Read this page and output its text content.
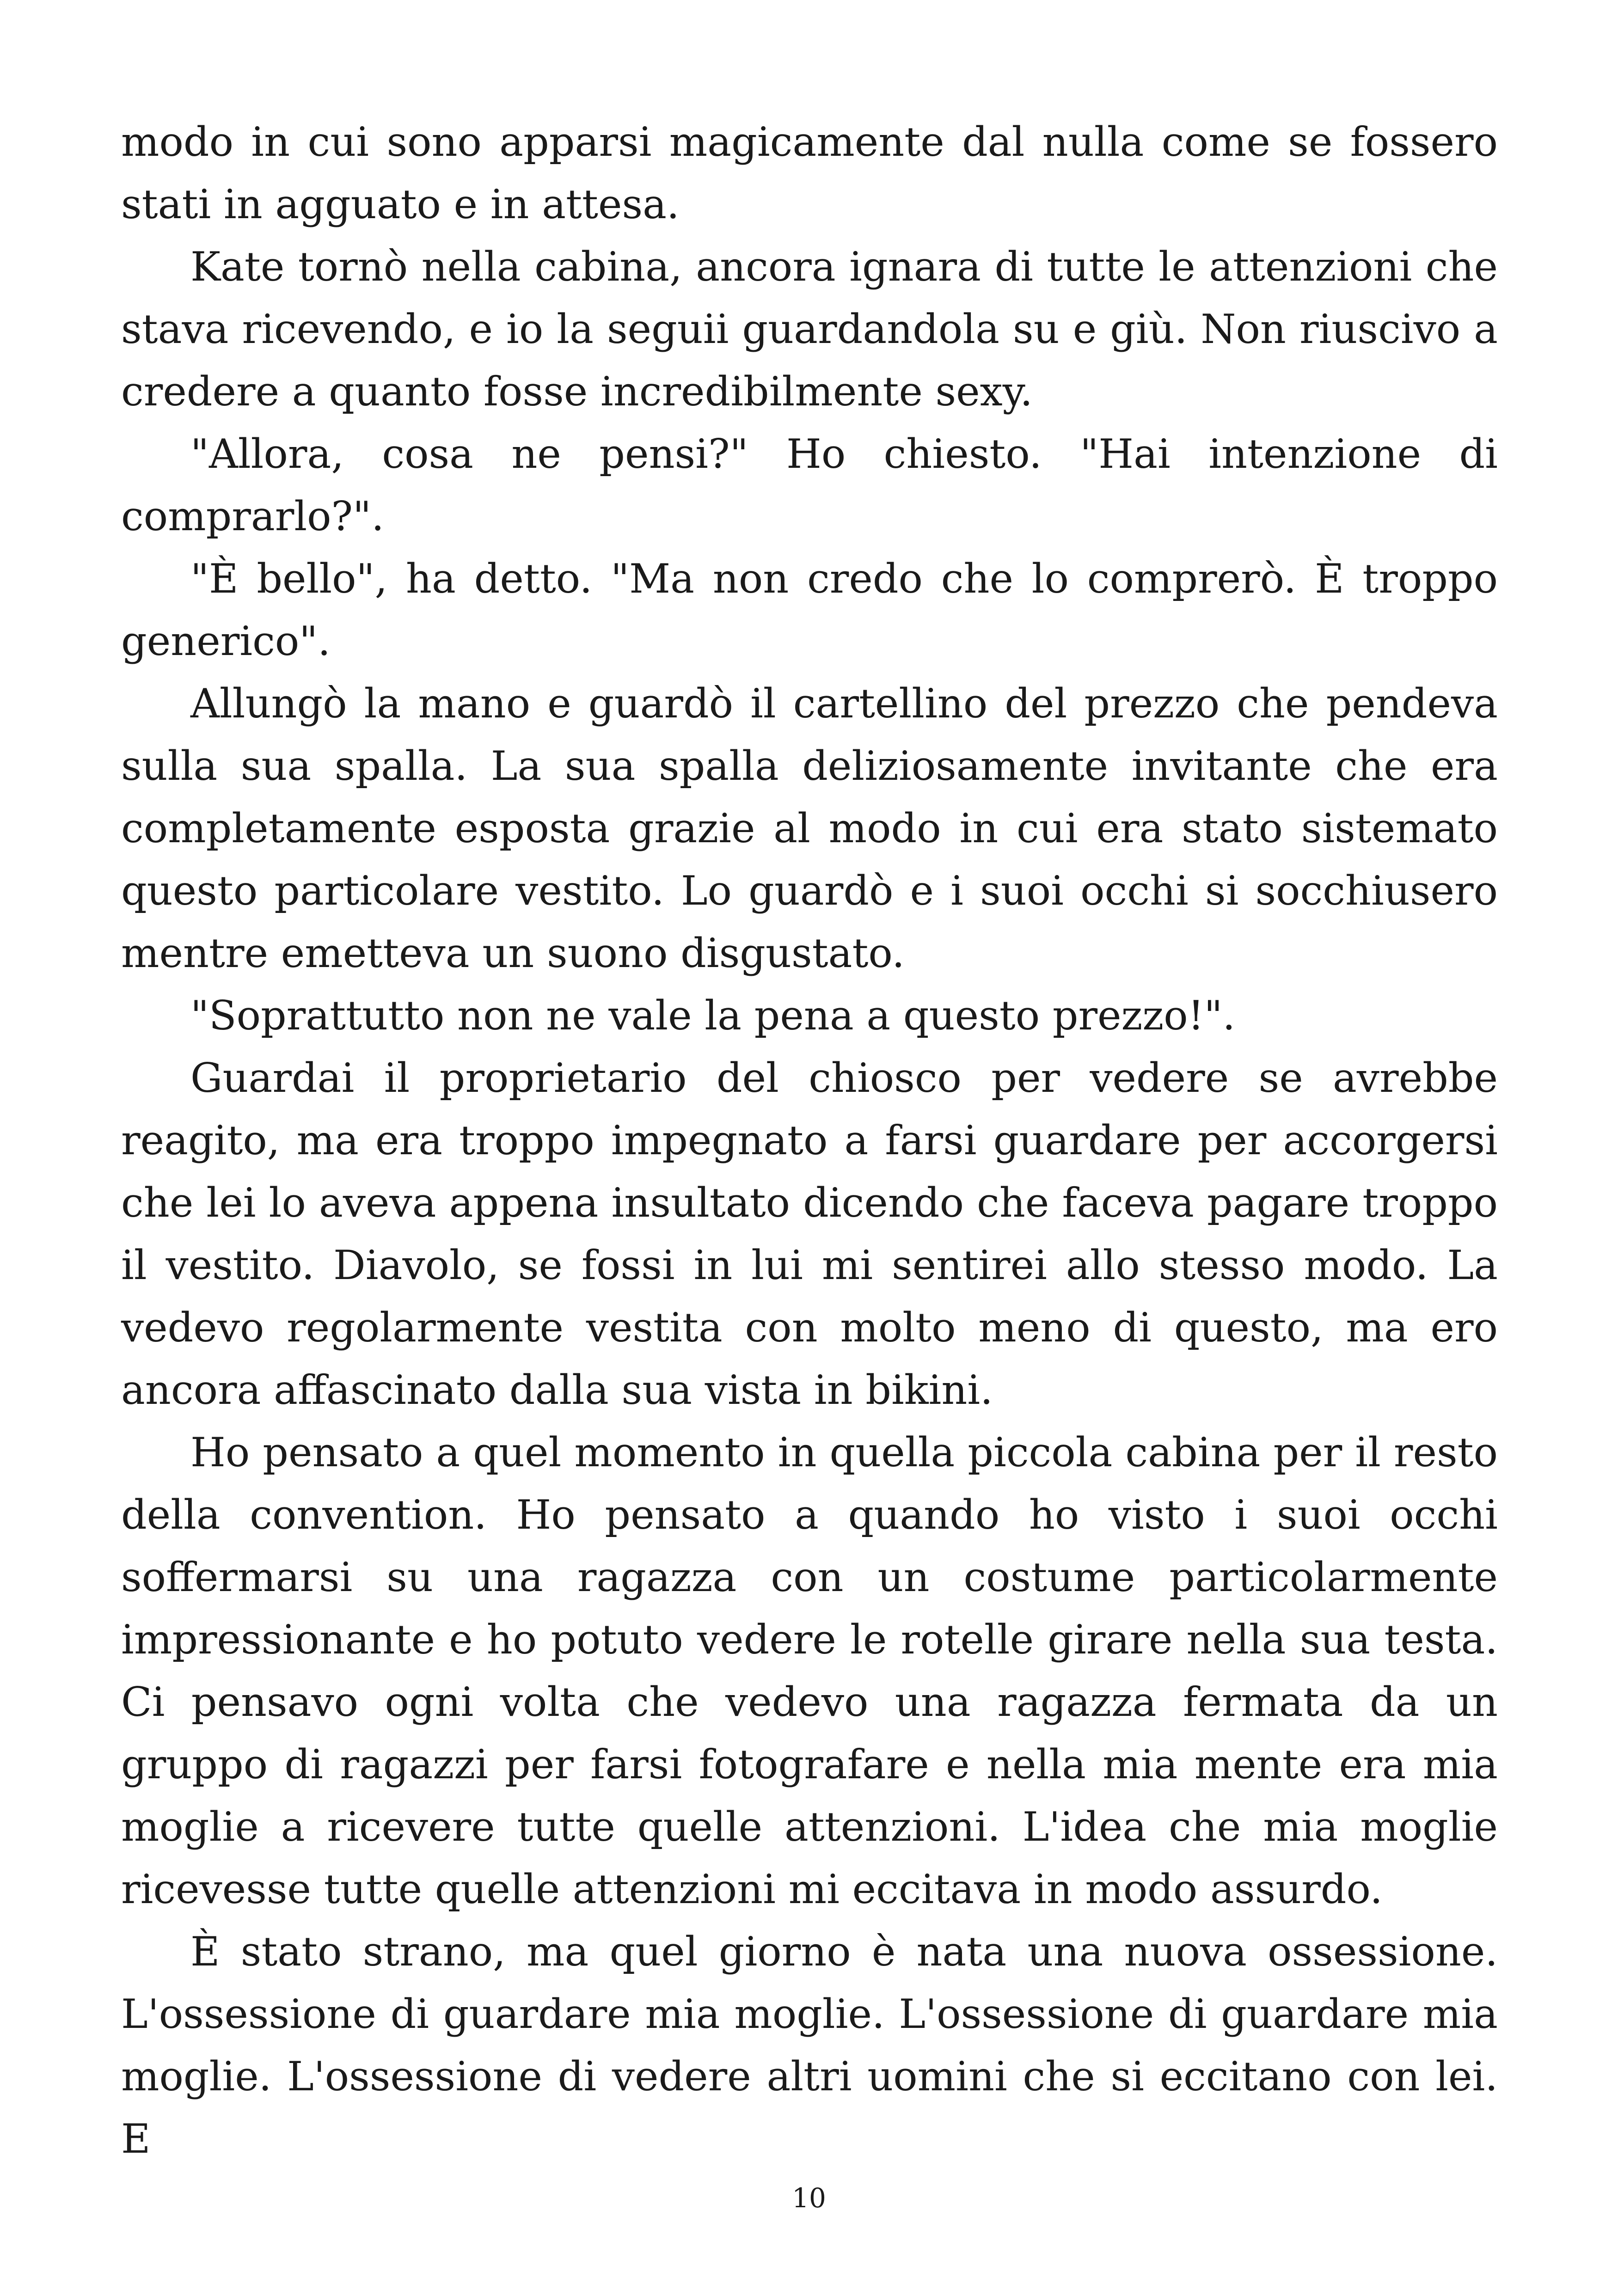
modo in cui sono apparsi magicamente dal nulla come se fossero stati in agguato e in attesa.

Kate tornò nella cabina, ancora ignara di tutte le attenzioni che stava ricevendo, e io la seguii guardandola su e giù. Non riuscivo a credere a quanto fosse incredibilmente sexy.

"Allora, cosa ne pensi?" Ho chiesto. "Hai intenzione di comprarlo?".

"È bello", ha detto. "Ma non credo che lo comprerò. È troppo generico".

Allungò la mano e guardò il cartellino del prezzo che pendeva sulla sua spalla. La sua spalla deliziosamente invitante che era completamente esposta grazie al modo in cui era stato sistemato questo particolare vestito. Lo guardò e i suoi occhi si socchiusero mentre emetteva un suono disgustato.

"Soprattutto non ne vale la pena a questo prezzo!".

Guardai il proprietario del chiosco per vedere se avrebbe reagito, ma era troppo impegnato a farsi guardare per accorgersi che lei lo aveva appena insultato dicendo che faceva pagare troppo il vestito. Diavolo, se fossi in lui mi sentirei allo stesso modo. La vedevo regolarmente vestita con molto meno di questo, ma ero ancora affascinato dalla sua vista in bikini.

Ho pensato a quel momento in quella piccola cabina per il resto della convention. Ho pensato a quando ho visto i suoi occhi soffermarsi su una ragazza con un costume particolarmente impressionante e ho potuto vedere le rotelle girare nella sua testa. Ci pensavo ogni volta che vedevo una ragazza fermata da un gruppo di ragazzi per farsi fotografare e nella mia mente era mia moglie a ricevere tutte quelle attenzioni. L'idea che mia moglie ricevesse tutte quelle attenzioni mi eccitava in modo assurdo.

È stato strano, ma quel giorno è nata una nuova ossessione. L'ossessione di guardare mia moglie. L'ossessione di guardare mia moglie. L'ossessione di vedere altri uomini che si eccitano con lei. E

10
